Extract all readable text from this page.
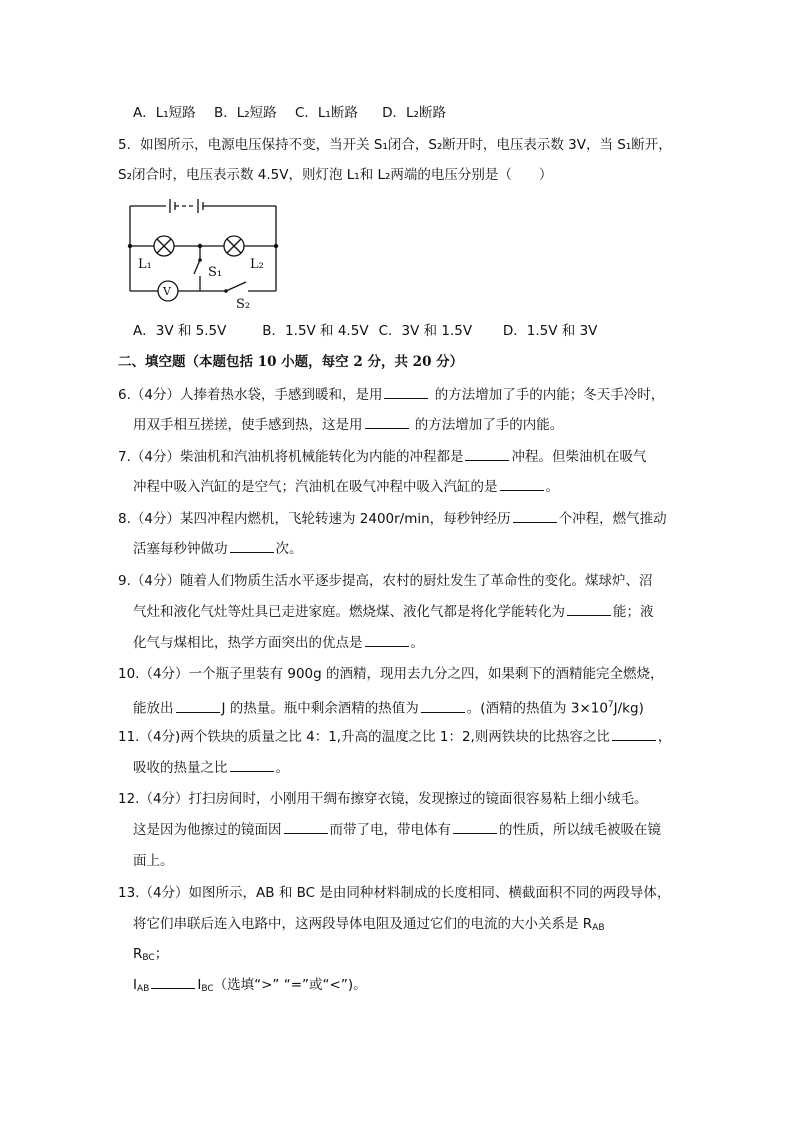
A．L₁短路 B．L₂短路 C．L₁断路 D．L₂断路
5．如图所示，电源电压保持不变，当开关 S₁闭合，S₂断开时，电压表示数 3V，当 S₁断开，
S₂闭合时，电压表示数 4.5V，则灯泡 L₁和 L₂两端的电压分别是（　　）
L₁
S₁
L₂
V
S₂
A．3V 和 5.5V	B．1.5V 和 4.5V C．3V 和 1.5V D．1.5V 和 3V
二、填空题（本题包括 10 小题，每空 2 分，共 20 分）
6.（4分）人捧着热水袋，手感到暖和，是用	的方法增加了手的内能；冬天手冷时，
用双手相互搓搓，使手感到热，这是用	的方法增加了手的内能。
7.（4分）柴油机和汽油机将机械能转化为内能的冲程都是	冲程。但柴油机在吸气
冲程中吸入汽缸的是空气；汽油机在吸气冲程中吸入汽缸的是	。
8.（4分）某四冲程内燃机，飞轮转速为 2400r/min，每秒钟经历	个冲程，燃气推动
活塞每秒钟做功	次。
9.（4分）随着人们物质生活水平逐步提高，农村的厨灶发生了革命性的变化。煤球炉、沼
气灶和液化气灶等灶具已走进家庭。燃烧煤、液化气都是将化学能转化为	能；液
化气与煤相比，热学方面突出的优点是	。
10.（4分）一个瓶子里装有 900g 的酒精，现用去九分之四，如果剩下的酒精能完全燃烧，
能放出	J 的热量。瓶中剩余酒精的热值为	。(酒精的热值为 $3\times 10^7J/kg$)
11.（4分)两个铁块的质量之比 4：1,升高的温度之比 1：2,则两铁块的比热容之比	，
吸收的热量之比	。
12.（4分）打扫房间时，小刚用干绸布擦穿衣镜，发现擦过的镜面很容易粘上细小绒毛。
这是因为他擦过的镜面因	而带了电，带电体有	的性质，所以绒毛被吸在镜
面上。
13.（4分）如图所示，AB 和 BC 是由同种材料制成的长度相同、横截面积不同的两段导体，
将它们串联后连入电路中，这两段导体电阻及通过它们的电流的大小关系是 $R_{AB}$
$R_{BC}$；
$I_{AB}$	$I_{BC}$（选填“>” “=”或“<”)。
